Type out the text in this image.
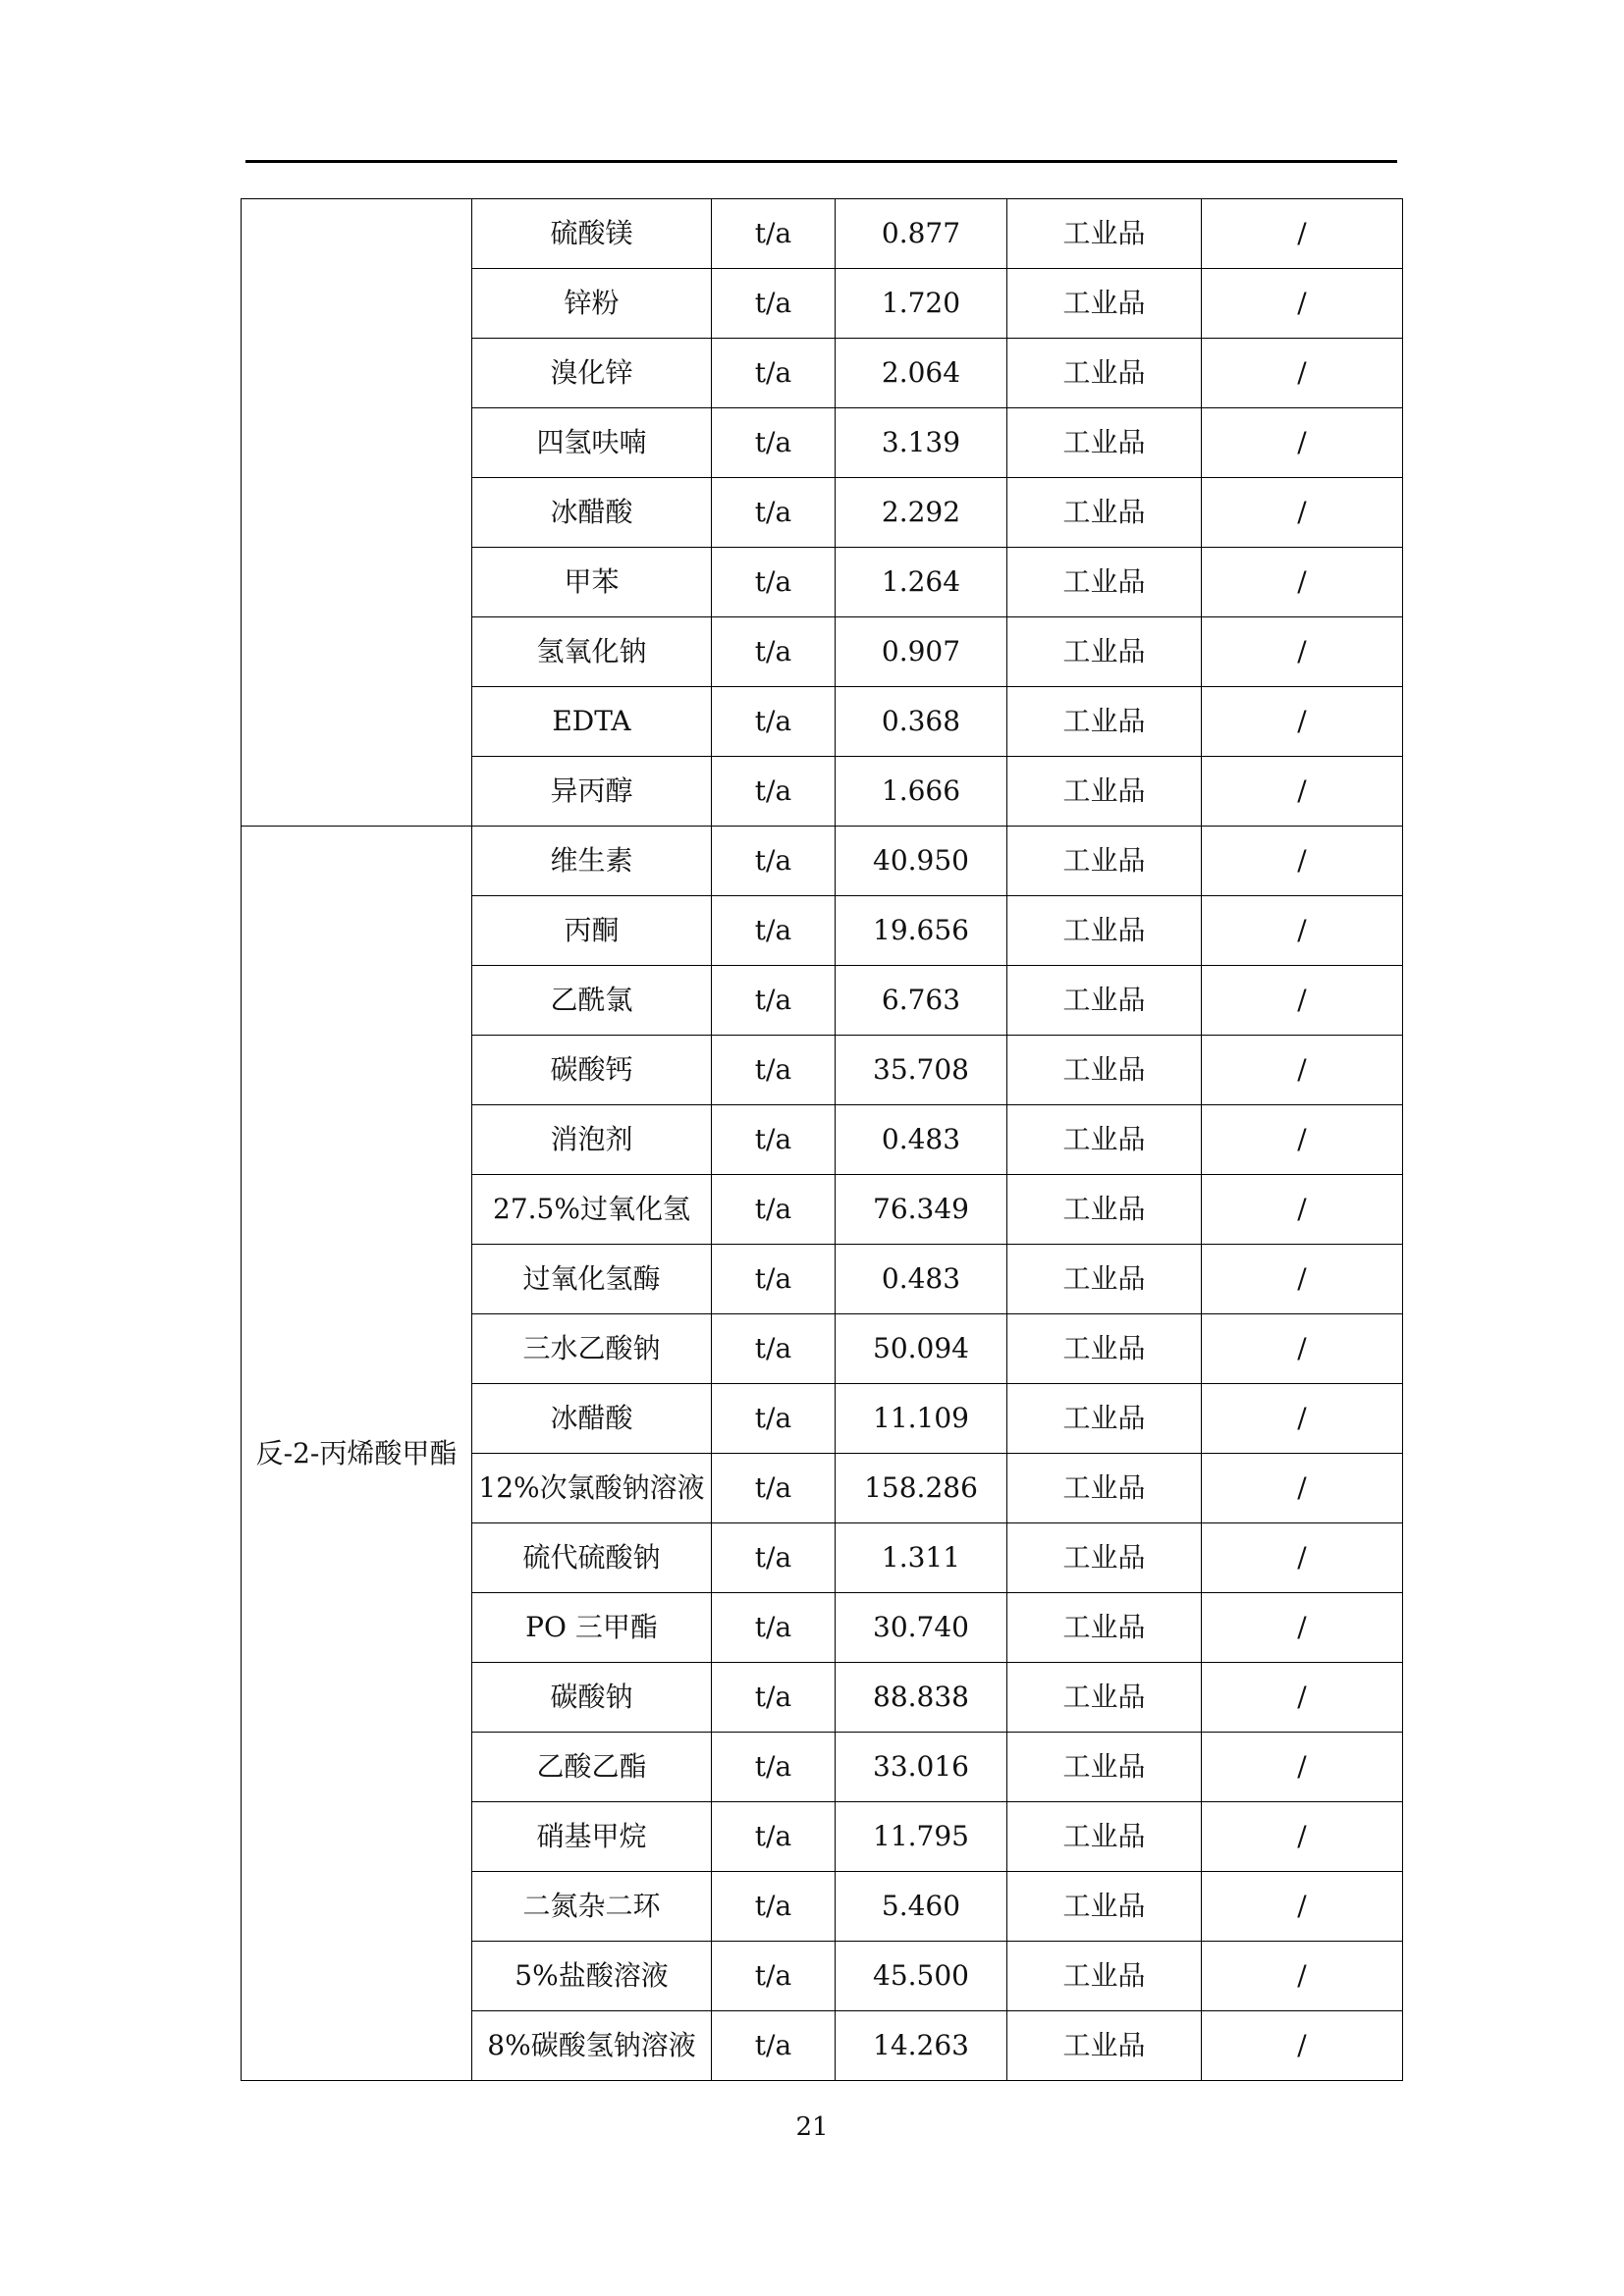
	硫酸镁	t/a	0.877	工业品	/
	锌粉	t/a	1.720	工业品	/
	溴化锌	t/a	2.064	工业品	/
	四氢呋喃	t/a	3.139	工业品	/
	冰醋酸	t/a	2.292	工业品	/
	甲苯	t/a	1.264	工业品	/
	氢氧化钠	t/a	0.907	工业品	/
	EDTA	t/a	0.368	工业品	/
	异丙醇	t/a	1.666	工业品	/
反-2-丙烯酸甲酯	维生素	t/a	40.950	工业品	/
	丙酮	t/a	19.656	工业品	/
	乙酰氯	t/a	6.763	工业品	/
	碳酸钙	t/a	35.708	工业品	/
	消泡剂	t/a	0.483	工业品	/
	27.5%过氧化氢	t/a	76.349	工业品	/
	过氧化氢酶	t/a	0.483	工业品	/
	三水乙酸钠	t/a	50.094	工业品	/
	冰醋酸	t/a	11.109	工业品	/
	12%次氯酸钠溶液	t/a	158.286	工业品	/
	硫代硫酸钠	t/a	1.311	工业品	/
	PO 三甲酯	t/a	30.740	工业品	/
	碳酸钠	t/a	88.838	工业品	/
	乙酸乙酯	t/a	33.016	工业品	/
	硝基甲烷	t/a	11.795	工业品	/
	二氮杂二环	t/a	5.460	工业品	/
	5%盐酸溶液	t/a	45.500	工业品	/
	8%碳酸氢钠溶液	t/a	14.263	工业品	/
21
